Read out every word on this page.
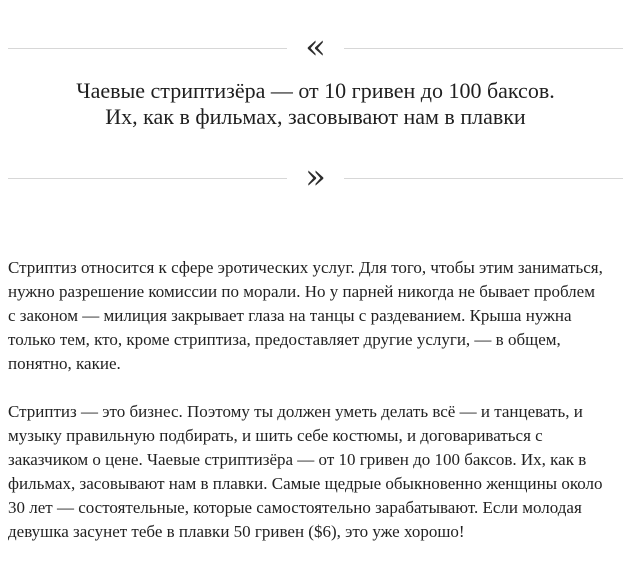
«
Чаевые стриптизёра — от 10 гривен до 100 баксов.
Их, как в фильмах, засовывают нам в плавки
»

Стриптиз относится к сфере эротических услуг. Для того, чтобы этим заниматься,
нужно разрешение комиссии по морали. Но у парней никогда не бывает проблем
с законом — милиция закрывает глаза на танцы с раздеванием. Крыша нужна
только тем, кто, кроме стриптиза, предоставляет другие услуги, — в общем,
понятно, какие.

Стриптиз — это бизнес. Поэтому ты должен уметь делать всё — и танцевать, и
музыку правильную подбирать, и шить себе костюмы, и договариваться с
заказчиком о цене. Чаевые стриптизёра — от 10 гривен до 100 баксов. Их, как в
фильмах, засовывают нам в плавки. Самые щедрые обыкновенно женщины около
30 лет — состоятельные, которые самостоятельно зарабатывают. Если молодая
девушка засунет тебе в плавки 50 гривен ($6), это уже хорошо!
